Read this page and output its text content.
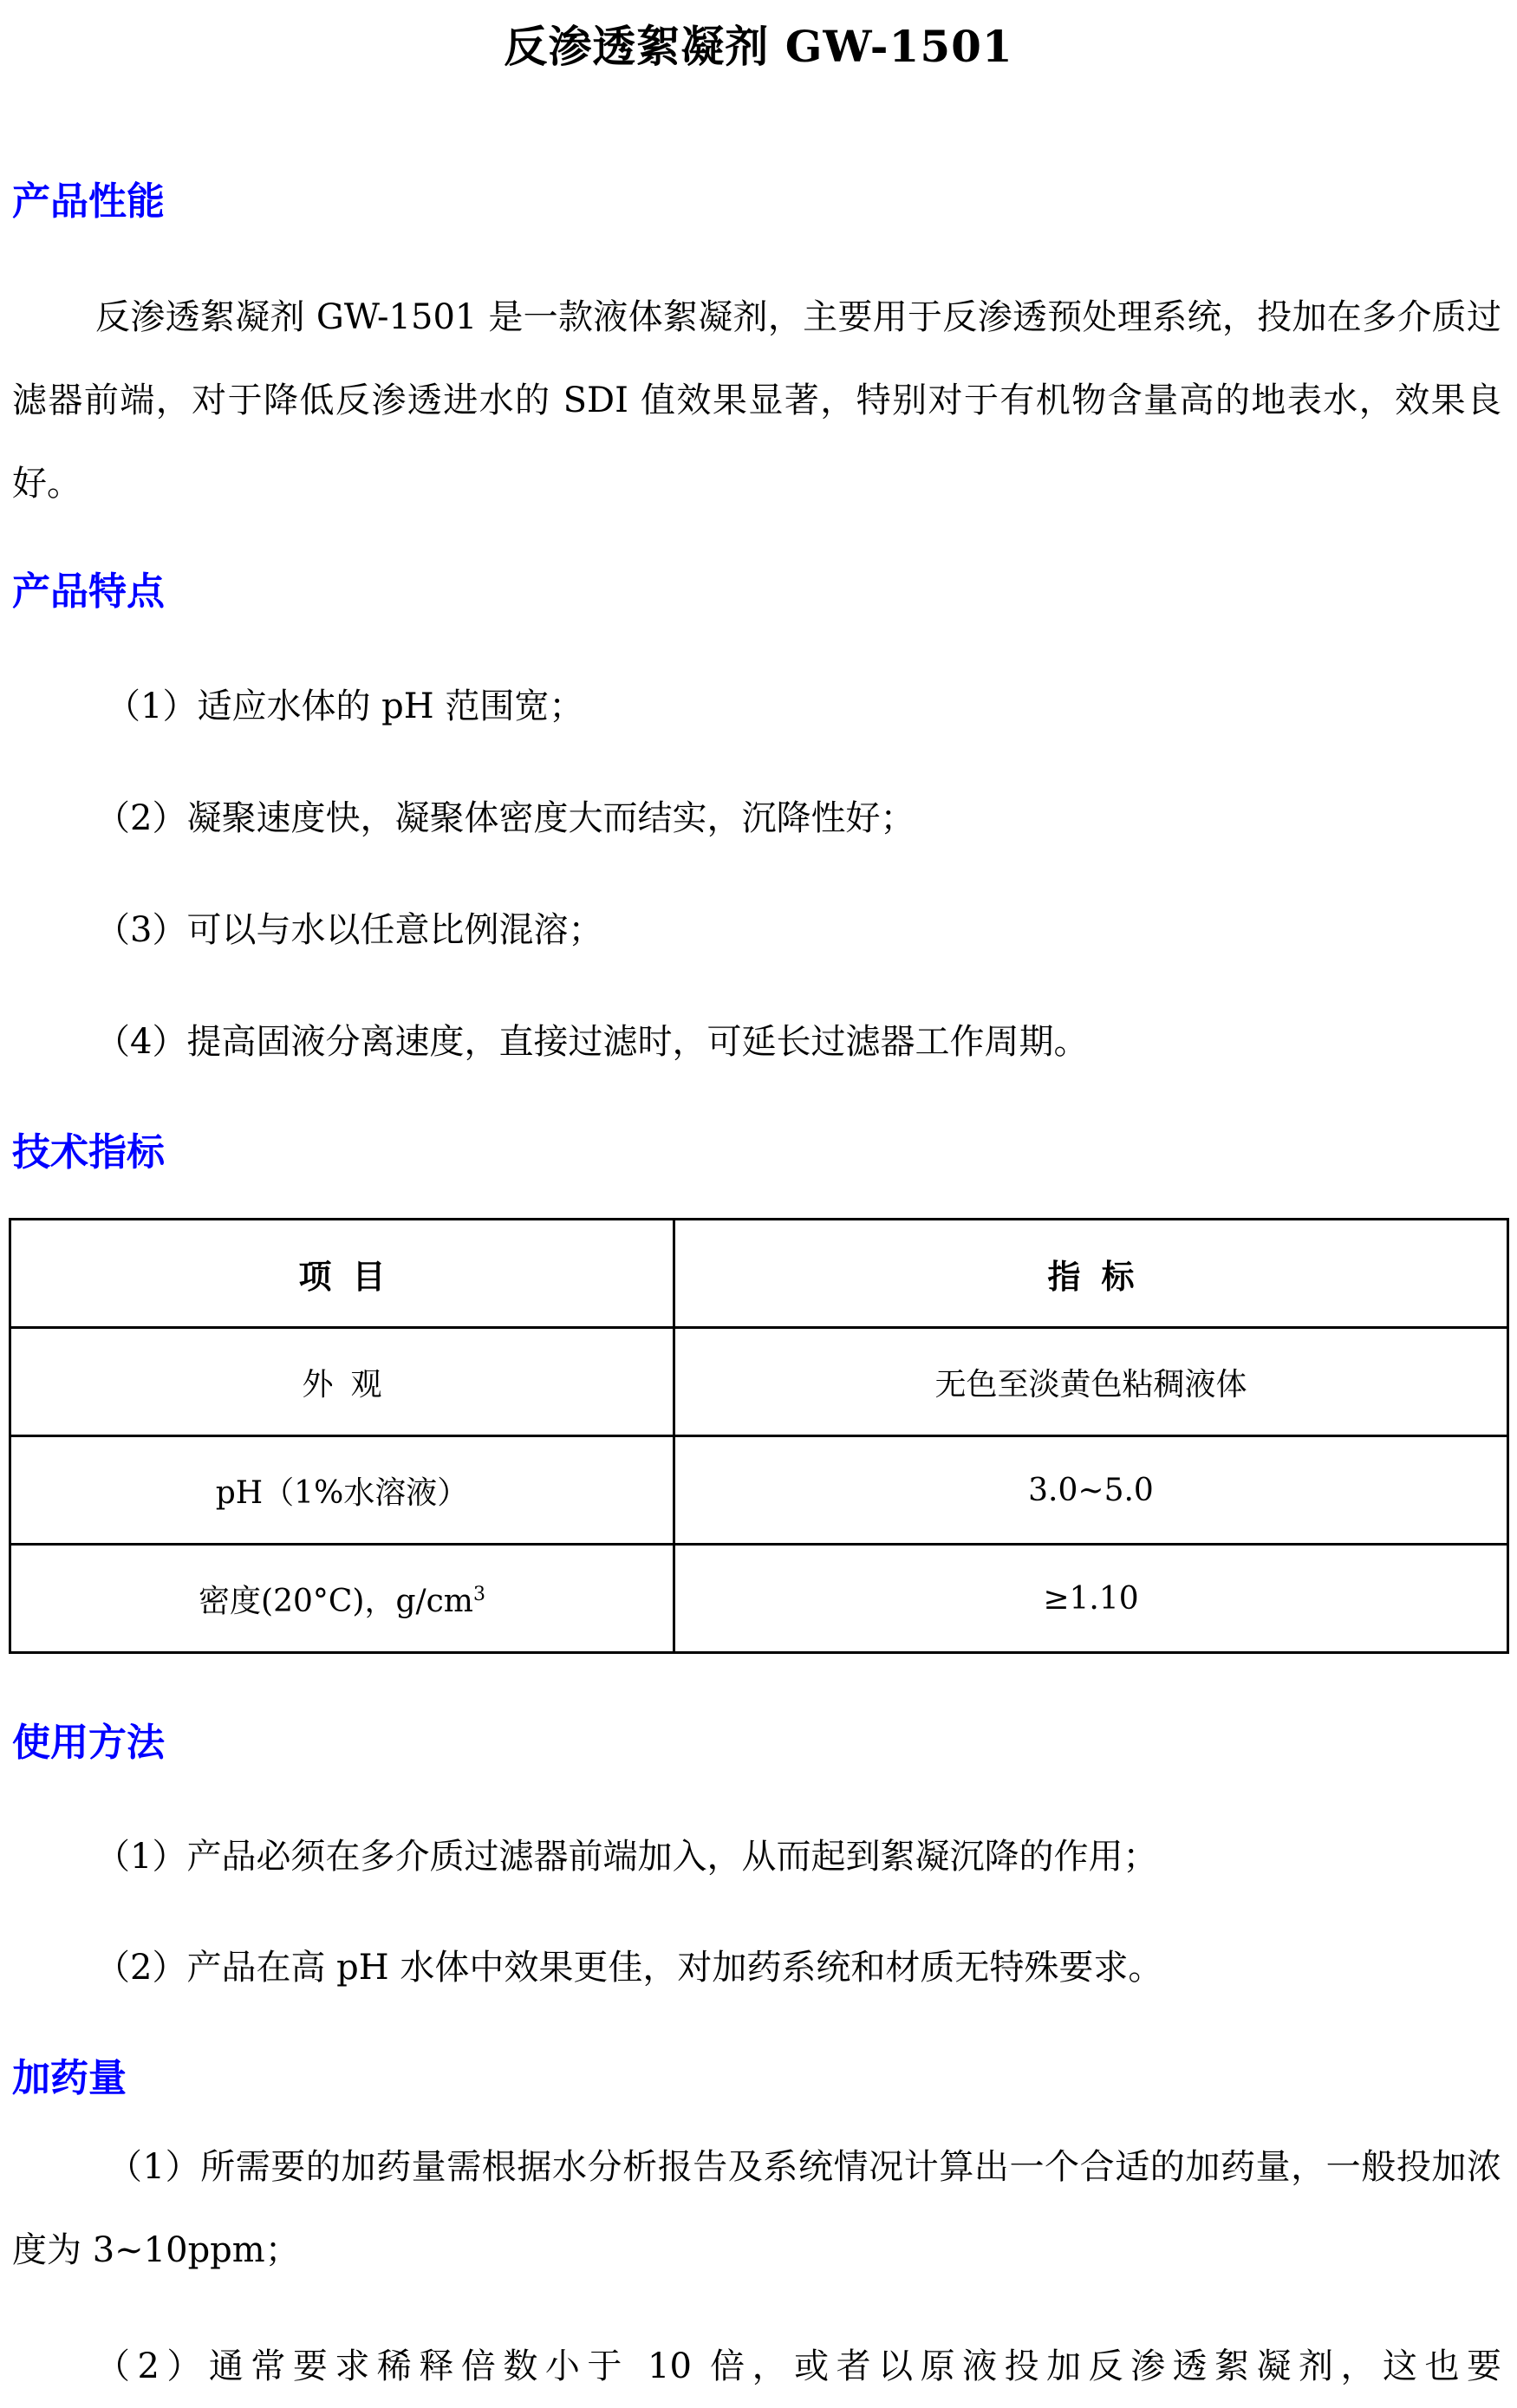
反渗透絮凝剂 GW-1501
产品性能
反渗透絮凝剂 GW-1501 是一款液体絮凝剂，主要用于反渗透预处理系统，投加在多介质过滤器前端，对于降低反渗透进水的 SDI 值效果显著，特别对于有机物含量高的地表水，效果良好。
产品特点
（1）适应水体的 pH 范围宽；
（2）凝聚速度快，凝聚体密度大而结实，沉降性好；
（3）可以与水以任意比例混溶；
（4）提高固液分离速度，直接过滤时，可延长过滤器工作周期。
技术指标
项目	指标
外观	无色至淡黄色粘稠液体
pH（1%水溶液）	3.0~5.0
密度(20°C)，$g/cm^3$	≥1.10
使用方法
（1）产品必须在多介质过滤器前端加入，从而起到絮凝沉降的作用；
（2）产品在高 pH 水体中效果更佳，对加药系统和材质无特殊要求。
加药量
（1）所需要的加药量需根据水分析报告及系统情况计算出一个合适的加药量，一般投加浓度为 3~10ppm；
（2）通常要求稀释倍数小于 10 倍，或者以原液投加反渗透絮凝剂，这也要
